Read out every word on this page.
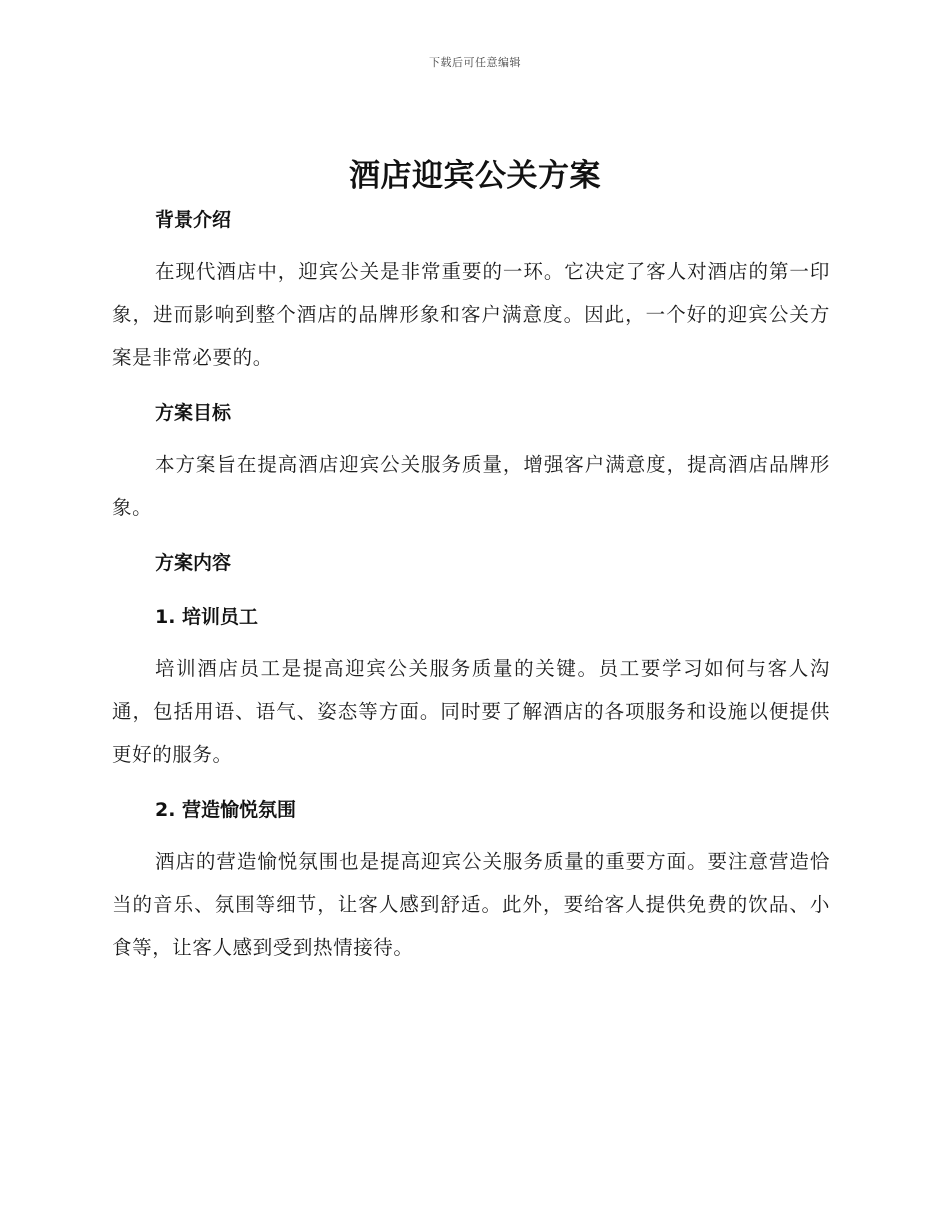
下载后可任意编辑
酒店迎宾公关方案

背景介绍

在现代酒店中，迎宾公关是非常重要的一环。它决定了客人对酒店的第一印象，进而影响到整个酒店的品牌形象和客户满意度。因此，一个好的迎宾公关方案是非常必要的。

方案目标

本方案旨在提高酒店迎宾公关服务质量，增强客户满意度，提高酒店品牌形象。

方案内容

1. 培训员工

培训酒店员工是提高迎宾公关服务质量的关键。员工要学习如何与客人沟通，包括用语、语气、姿态等方面。同时要了解酒店的各项服务和设施以便提供更好的服务。

2. 营造愉悦氛围

酒店的营造愉悦氛围也是提高迎宾公关服务质量的重要方面。要注意营造恰当的音乐、氛围等细节，让客人感到舒适。此外，要给客人提供免费的饮品、小食等，让客人感到受到热情接待。
